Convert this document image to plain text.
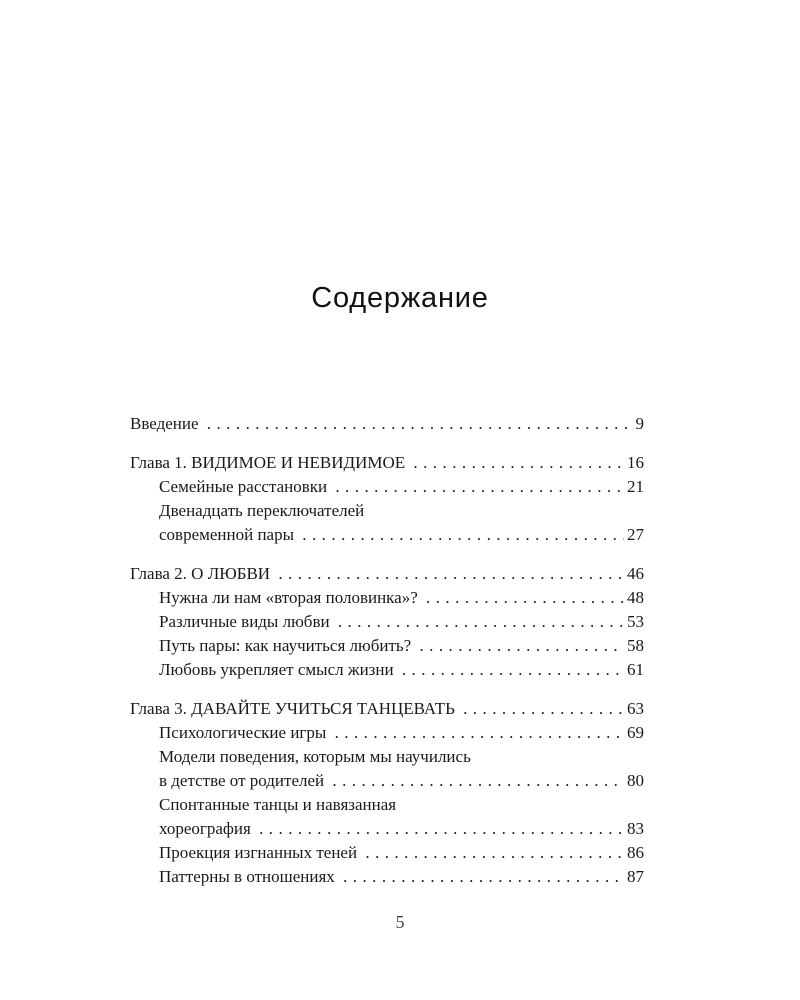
Содержание
Введение	9
. . .
Глава 1. ВИДИМОЕ И НЕВИДИМОЕ	16
. . .
Семейные расстановки	21
. . .
Двенадцать переключателей
современной пары	27
. . .
Глава 2. О ЛЮБВИ	46
. . .
Нужна ли нам «вторая половинка»?	48
. . .
Различные виды любви	53
. . .
Путь пары: как научиться любить?	58
. . .
Любовь укрепляет смысл жизни	61
. . .
Глава 3. ДАВАЙТЕ УЧИТЬСЯ ТАНЦЕВАТЬ	63
. . .
Психологические игры	69
. . .
Модели поведения, которым мы научились
в детстве от родителей	80
. . .
Спонтанные танцы и навязанная
хореография	83
. . .
Проекция изгнанных теней	86
. . .
Паттерны в отношениях	87
. . .
5
